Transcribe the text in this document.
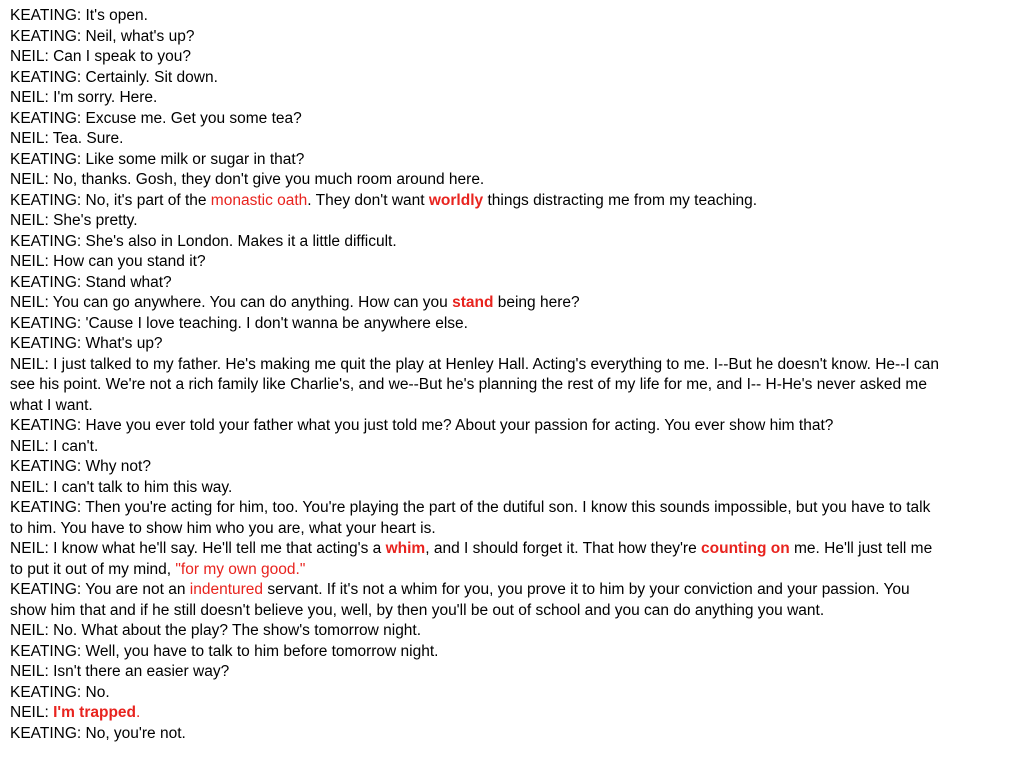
KEATING: It's open.
KEATING: Neil, what's up?
NEIL: Can I speak to you?
KEATING: Certainly. Sit down.
NEIL: I'm sorry. Here.
KEATING: Excuse me. Get you some tea?
NEIL: Tea. Sure.
KEATING: Like some milk or sugar in that?
NEIL: No, thanks. Gosh, they don't give you much room around here.
KEATING: No, it's part of the monastic oath. They don't want worldly things distracting me from my teaching.
NEIL: She's pretty.
KEATING: She's also in London. Makes it a little difficult.
NEIL: How can you stand it?
KEATING: Stand what?
NEIL: You can go anywhere. You can do anything. How can you stand being here?
KEATING: 'Cause I love teaching. I don't wanna be anywhere else.
KEATING: What's up?
NEIL: I just talked to my father. He's making me quit the play at Henley Hall. Acting's everything to me. I--But he doesn't know. He--I can see his point. We're not a rich family like Charlie's, and we--But he's planning the rest of my life for me, and I-- H-He's never asked me what I want.
KEATING: Have you ever told your father what you just told me? About your passion for acting. You ever show him that?
NEIL: I can't.
KEATING: Why not?
NEIL: I can't talk to him this way.
KEATING: Then you're acting for him, too. You're playing the part of the dutiful son. I know this sounds impossible, but you have to talk to him. You have to show him who you are, what your heart is.
NEIL: I know what he'll say. He'll tell me that acting's a whim, and I should forget it. That how they're counting on me. He'll just tell me to put it out of my mind, "for my own good."
KEATING: You are not an indentured servant. If it's not a whim for you, you prove it to him by your conviction and your passion. You show him that and if he still doesn't believe you, well, by then you'll be out of school and you can do anything you want.
NEIL: No. What about the play? The show's tomorrow night.
KEATING: Well, you have to talk to him before tomorrow night.
NEIL: Isn't there an easier way?
KEATING: No.
NEIL: I'm trapped.
KEATING: No, you're not.
